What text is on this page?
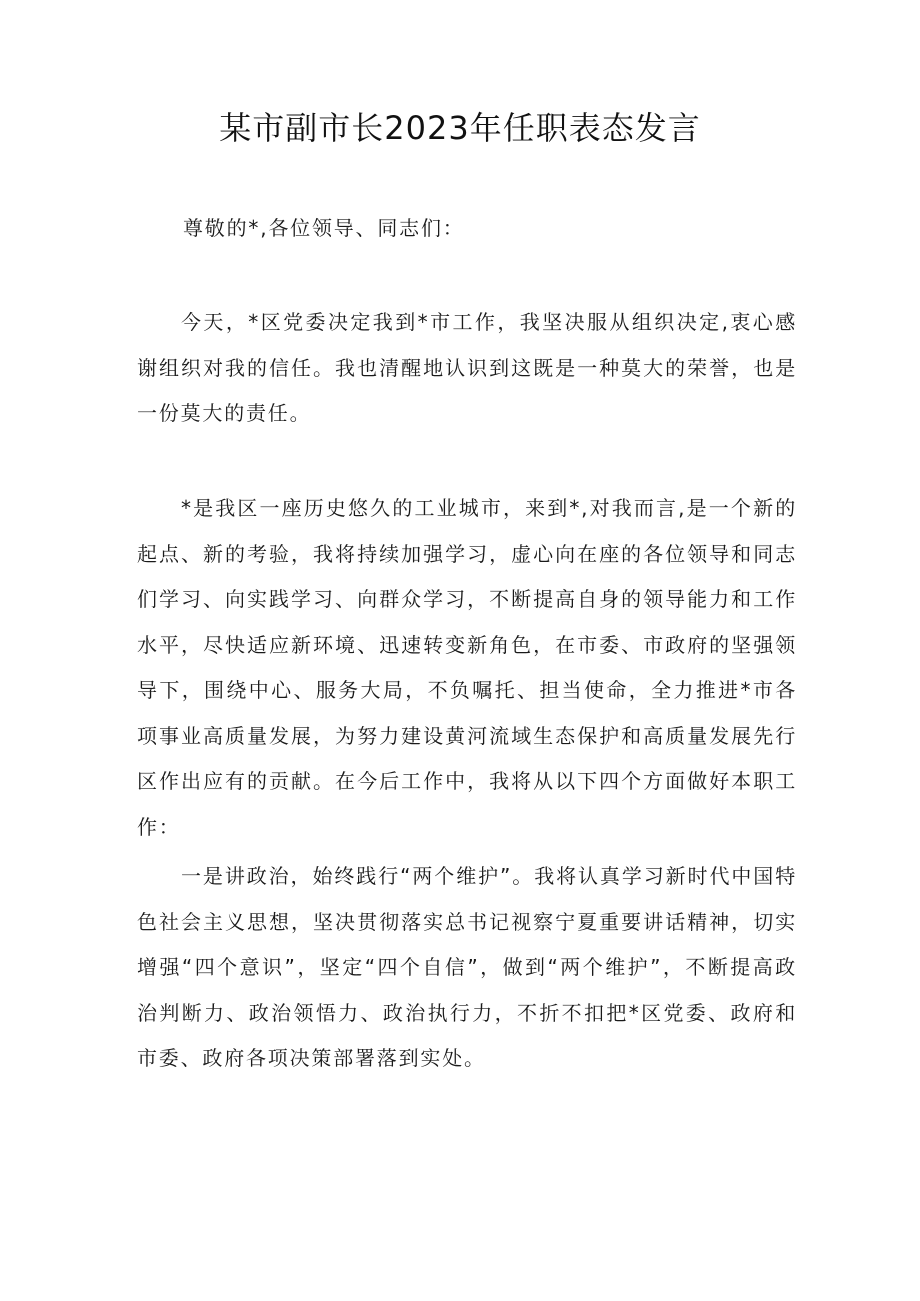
某市副市长2023年任职表态发言

尊敬的*,各位领导、同志们：

今天，*区党委决定我到*市工作，我坚决服从组织决定,衷心感谢组织对我的信任。我也清醒地认识到这既是一种莫大的荣誉，也是一份莫大的责任。

*是我区一座历史悠久的工业城市，来到*,对我而言,是一个新的起点、新的考验，我将持续加强学习，虚心向在座的各位领导和同志们学习、向实践学习、向群众学习，不断提高自身的领导能力和工作水平，尽快适应新环境、迅速转变新角色，在市委、市政府的坚强领导下，围绕中心、服务大局，不负嘱托、担当使命，全力推进*市各项事业高质量发展，为努力建设黄河流域生态保护和高质量发展先行区作出应有的贡献。在今后工作中，我将从以下四个方面做好本职工作：

一是讲政治，始终践行“两个维护”。我将认真学习新时代中国特色社会主义思想，坚决贯彻落实总书记视察宁夏重要讲话精神，切实增强“四个意识”，坚定“四个自信”，做到“两个维护”，不断提高政治判断力、政治领悟力、政治执行力，不折不扣把*区党委、政府和市委、政府各项决策部署落到实处。
